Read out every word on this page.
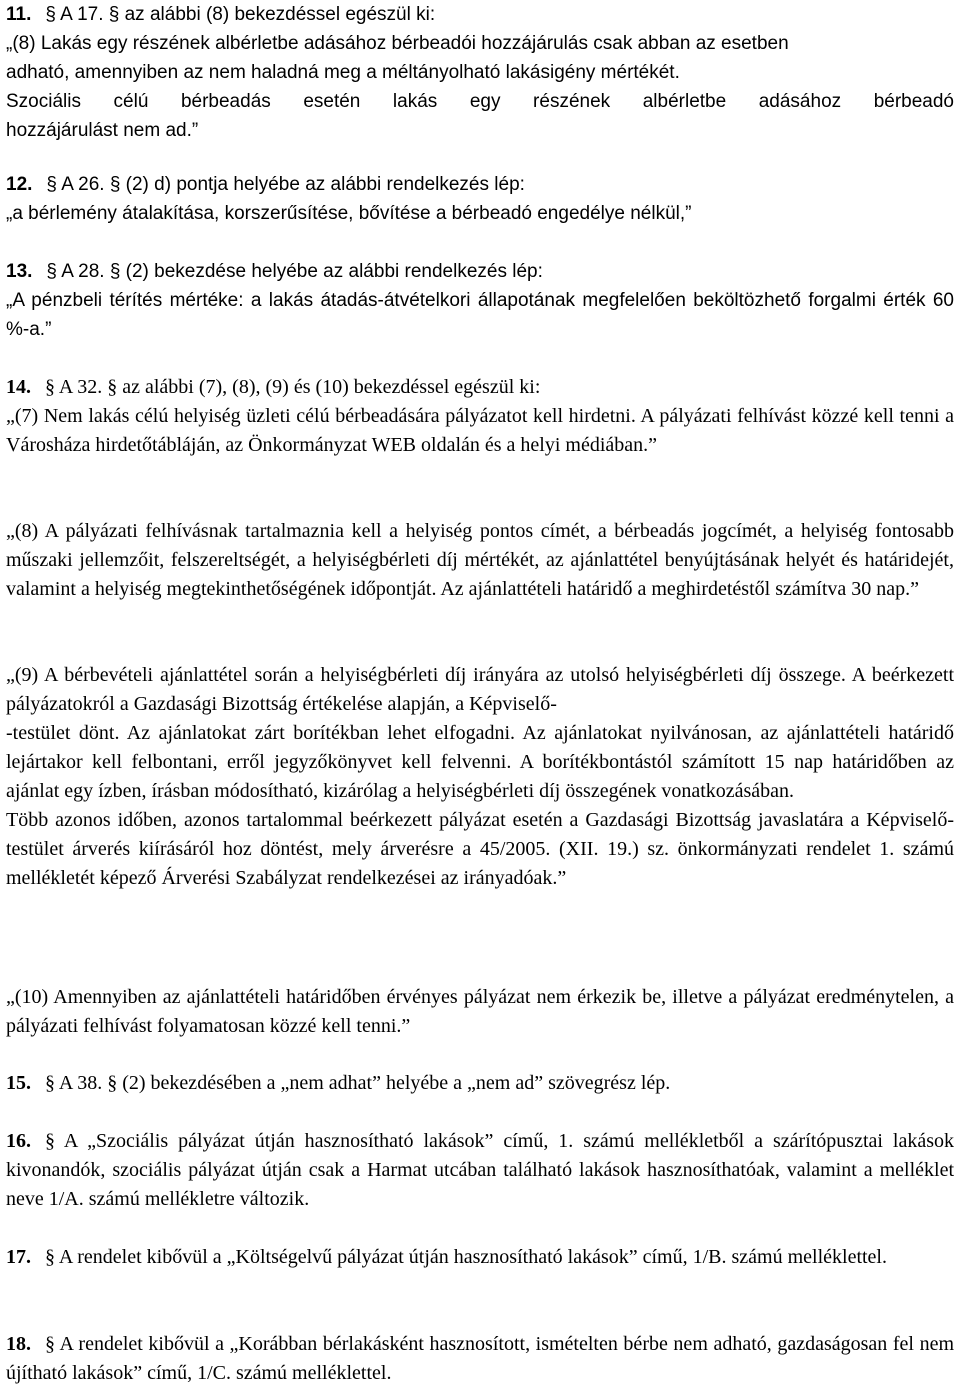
11. § A 17. § az alábbi (8) bekezdéssel egészül ki:
„(8) Lakás egy részének albérletbe adásához bérbeadói hozzájárulás csak abban az esetben
adható, amennyiben az nem haladná meg a méltányolható lakásigény mértékét.
Szociális célú bérbeadás esetén lakás egy részének albérletbe adásához bérbeadó
hozzájárulást nem ad.”
12. § A 26. § (2) d) pontja helyébe az alábbi rendelkezés lép:
„a bérlemény átalakítása, korszerűsítése, bővítése a bérbeadó engedélye nélkül,”
13. § A 28. § (2) bekezdése helyébe az alábbi rendelkezés lép:
„A pénzbeli térítés mértéke: a lakás átadás-átvételkori állapotának megfelelően beköltözhető forgalmi érték 60 %-a.”
14. § A 32. § az alábbi (7), (8), (9) és (10) bekezdéssel egészül ki:

„(7) Nem lakás célú helyiség üzleti célú bérbeadására pályázatot kell hirdetni. A pályázati felhívást közzé kell tenni a Városháza hirdetőtábláján, az Önkormányzat WEB oldalán és a helyi médiában.”

„(8) A pályázati felhívásnak tartalmaznia kell a helyiség pontos címét, a bérbeadás jogcímét, a helyiség fontosabb műszaki jellemzőit, felszereltségét, a helyiségbérleti díj mértékét, az ajánlattétel benyújtásának helyét és határidejét, valamint a helyiség megtekinthetőségének időpontját. Az ajánlattételi határidő a meghirdetéstől számítva 30 nap.”

„(9) A bérbevételi ajánlattétel során a helyiségbérleti díj irányára az utolsó helyiségbérleti díj összege. A beérkezett pályázatokról a Gazdasági Bizottság értékelése alapján, a Képviselő-
-testület dönt. Az ajánlatokat zárt borítékban lehet elfogadni. Az ajánlatokat nyilvánosan, az ajánlattételi határidő lejártakor kell felbontani, erről jegyzőkönyvet kell felvenni. A borítékbontástól számított 15 nap határidőben az ajánlat egy ízben, írásban módosítható, kizárólag a helyiségbérleti díj összegének vonatkozásában.
Több azonos időben, azonos tartalommal beérkezett pályázat esetén a Gazdasági Bizottság javaslatára a Képviselő-testület árverés kiírásáról hoz döntést, mely árverésre a 45/2005. (XII. 19.) sz. önkormányzati rendelet 1. számú mellékletét képező Árverési Szabályzat rendelkezései az irányadóak.”

„(10) Amennyiben az ajánlattételi határidőben érvényes pályázat nem érkezik be, illetve a pályázat eredménytelen, a pályázati felhívást folyamatosan közzé kell tenni.”

15. § A 38. § (2) bekezdésében a „nem adhat” helyébe a „nem ad” szövegrész lép.
16. § A „Szociális pályázat útján hasznosítható lakások” című, 1. számú mellékletből a szárítópusztai lakások kivonandók, szociális pályázat útján csak a Harmat utcában található lakások hasznosíthatóak, valamint a melléklet neve 1/A. számú mellékletre változik.
17. § A rendelet kibővül a „Költségelvű pályázat útján hasznosítható lakások” című, 1/B. számú melléklettel.
18. § A rendelet kibővül a „Korábban bérlakásként hasznosított, ismételten bérbe nem adható, gazdaságosan fel nem újítható lakások” című, 1/C. számú melléklettel.
